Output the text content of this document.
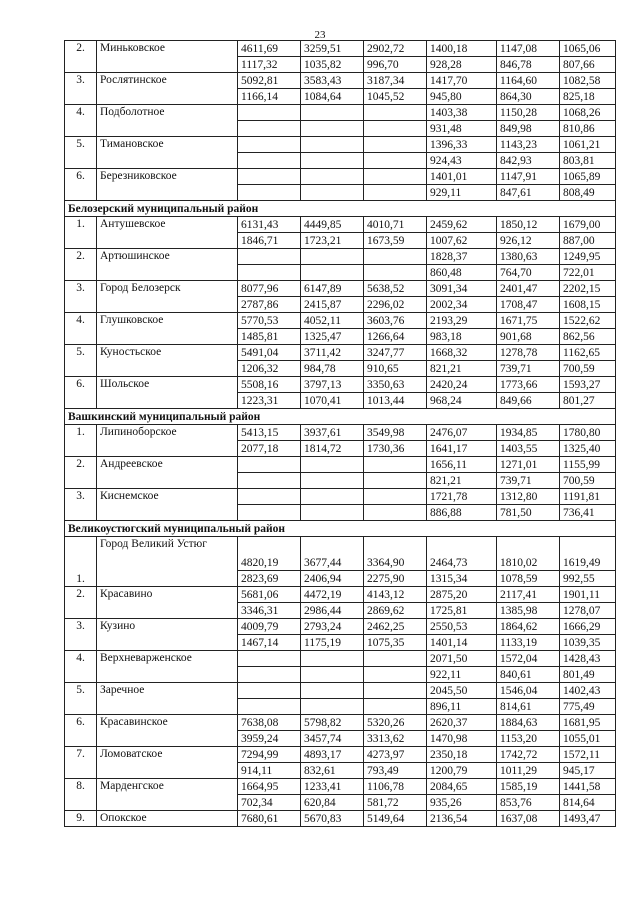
23
2.	Миньковское	4611,69	3259,51	2902,72	1400,18	1147,08	1065,06
		1117,32	1035,82	996,70	928,28	846,78	807,66
3.	Рослятинское	5092,81	3583,43	3187,34	1417,70	1164,60	1082,58
		1166,14	1084,64	1045,52	945,80	864,30	825,18
4.	Подболотное				1403,38	1150,28	1068,26
					931,48	849,98	810,86
5.	Тимановское				1396,33	1143,23	1061,21
					924,43	842,93	803,81
6.	Березниковское				1401,01	1147,91	1065,89
					929,11	847,61	808,49
Белозерский муниципальный район							
1.	Антушевское	6131,43	4449,85	4010,71	2459,62	1850,12	1679,00
		1846,71	1723,21	1673,59	1007,62	926,12	887,00
2.	Артюшинское				1828,37	1380,63	1249,95
					860,48	764,70	722,01
3.	Город Белозерск	8077,96	6147,89	5638,52	3091,34	2401,47	2202,15
		2787,86	2415,87	2296,02	2002,34	1708,47	1608,15
4.	Глушковское	5770,53	4052,11	3603,76	2193,29	1671,75	1522,62
		1485,81	1325,47	1266,64	983,18	901,68	862,56
5.	Куностьское	5491,04	3711,42	3247,77	1668,32	1278,78	1162,65
		1206,32	984,78	910,65	821,21	739,71	700,59
6.	Шольское	5508,16	3797,13	3350,63	2420,24	1773,66	1593,27
		1223,31	1070,41	1013,44	968,24	849,66	801,27
Вашкинский муниципальный район							
1.	Липиноборское	5413,15	3937,61	3549,98	2476,07	1934,85	1780,80
		2077,18	1814,72	1730,36	1641,17	1403,55	1325,40
2.	Андреевское				1656,11	1271,01	1155,99
					821,21	739,71	700,59
3.	Киснемское				1721,78	1312,80	1191,81
					886,88	781,50	736,41
Великоустюгский муниципальный район							
1.	Город Великий Устюг	4820,19	3677,44	3364,90	2464,73	1810,02	1619,49
		2823,69	2406,94	2275,90	1315,34	1078,59	992,55
2.	Красавино	5681,06	4472,19	4143,12	2875,20	2117,41	1901,11
		3346,31	2986,44	2869,62	1725,81	1385,98	1278,07
3.	Кузино	4009,79	2793,24	2462,25	2550,53	1864,62	1666,29
		1467,14	1175,19	1075,35	1401,14	1133,19	1039,35
4.	Верхневарженское				2071,50	1572,04	1428,43
					922,11	840,61	801,49
5.	Заречное				2045,50	1546,04	1402,43
					896,11	814,61	775,49
6.	Красавинское	7638,08	5798,82	5320,26	2620,37	1884,63	1681,95
		3959,24	3457,74	3313,62	1470,98	1153,20	1055,01
7.	Ломоватское	7294,99	4893,17	4273,97	2350,18	1742,72	1572,11
		914,11	832,61	793,49	1200,79	1011,29	945,17
8.	Марденгское	1664,95	1233,41	1106,78	2084,65	1585,19	1441,58
		702,34	620,84	581,72	935,26	853,76	814,64
9.	Опокское	7680,61	5670,83	5149,64	2136,54	1637,08	1493,47
